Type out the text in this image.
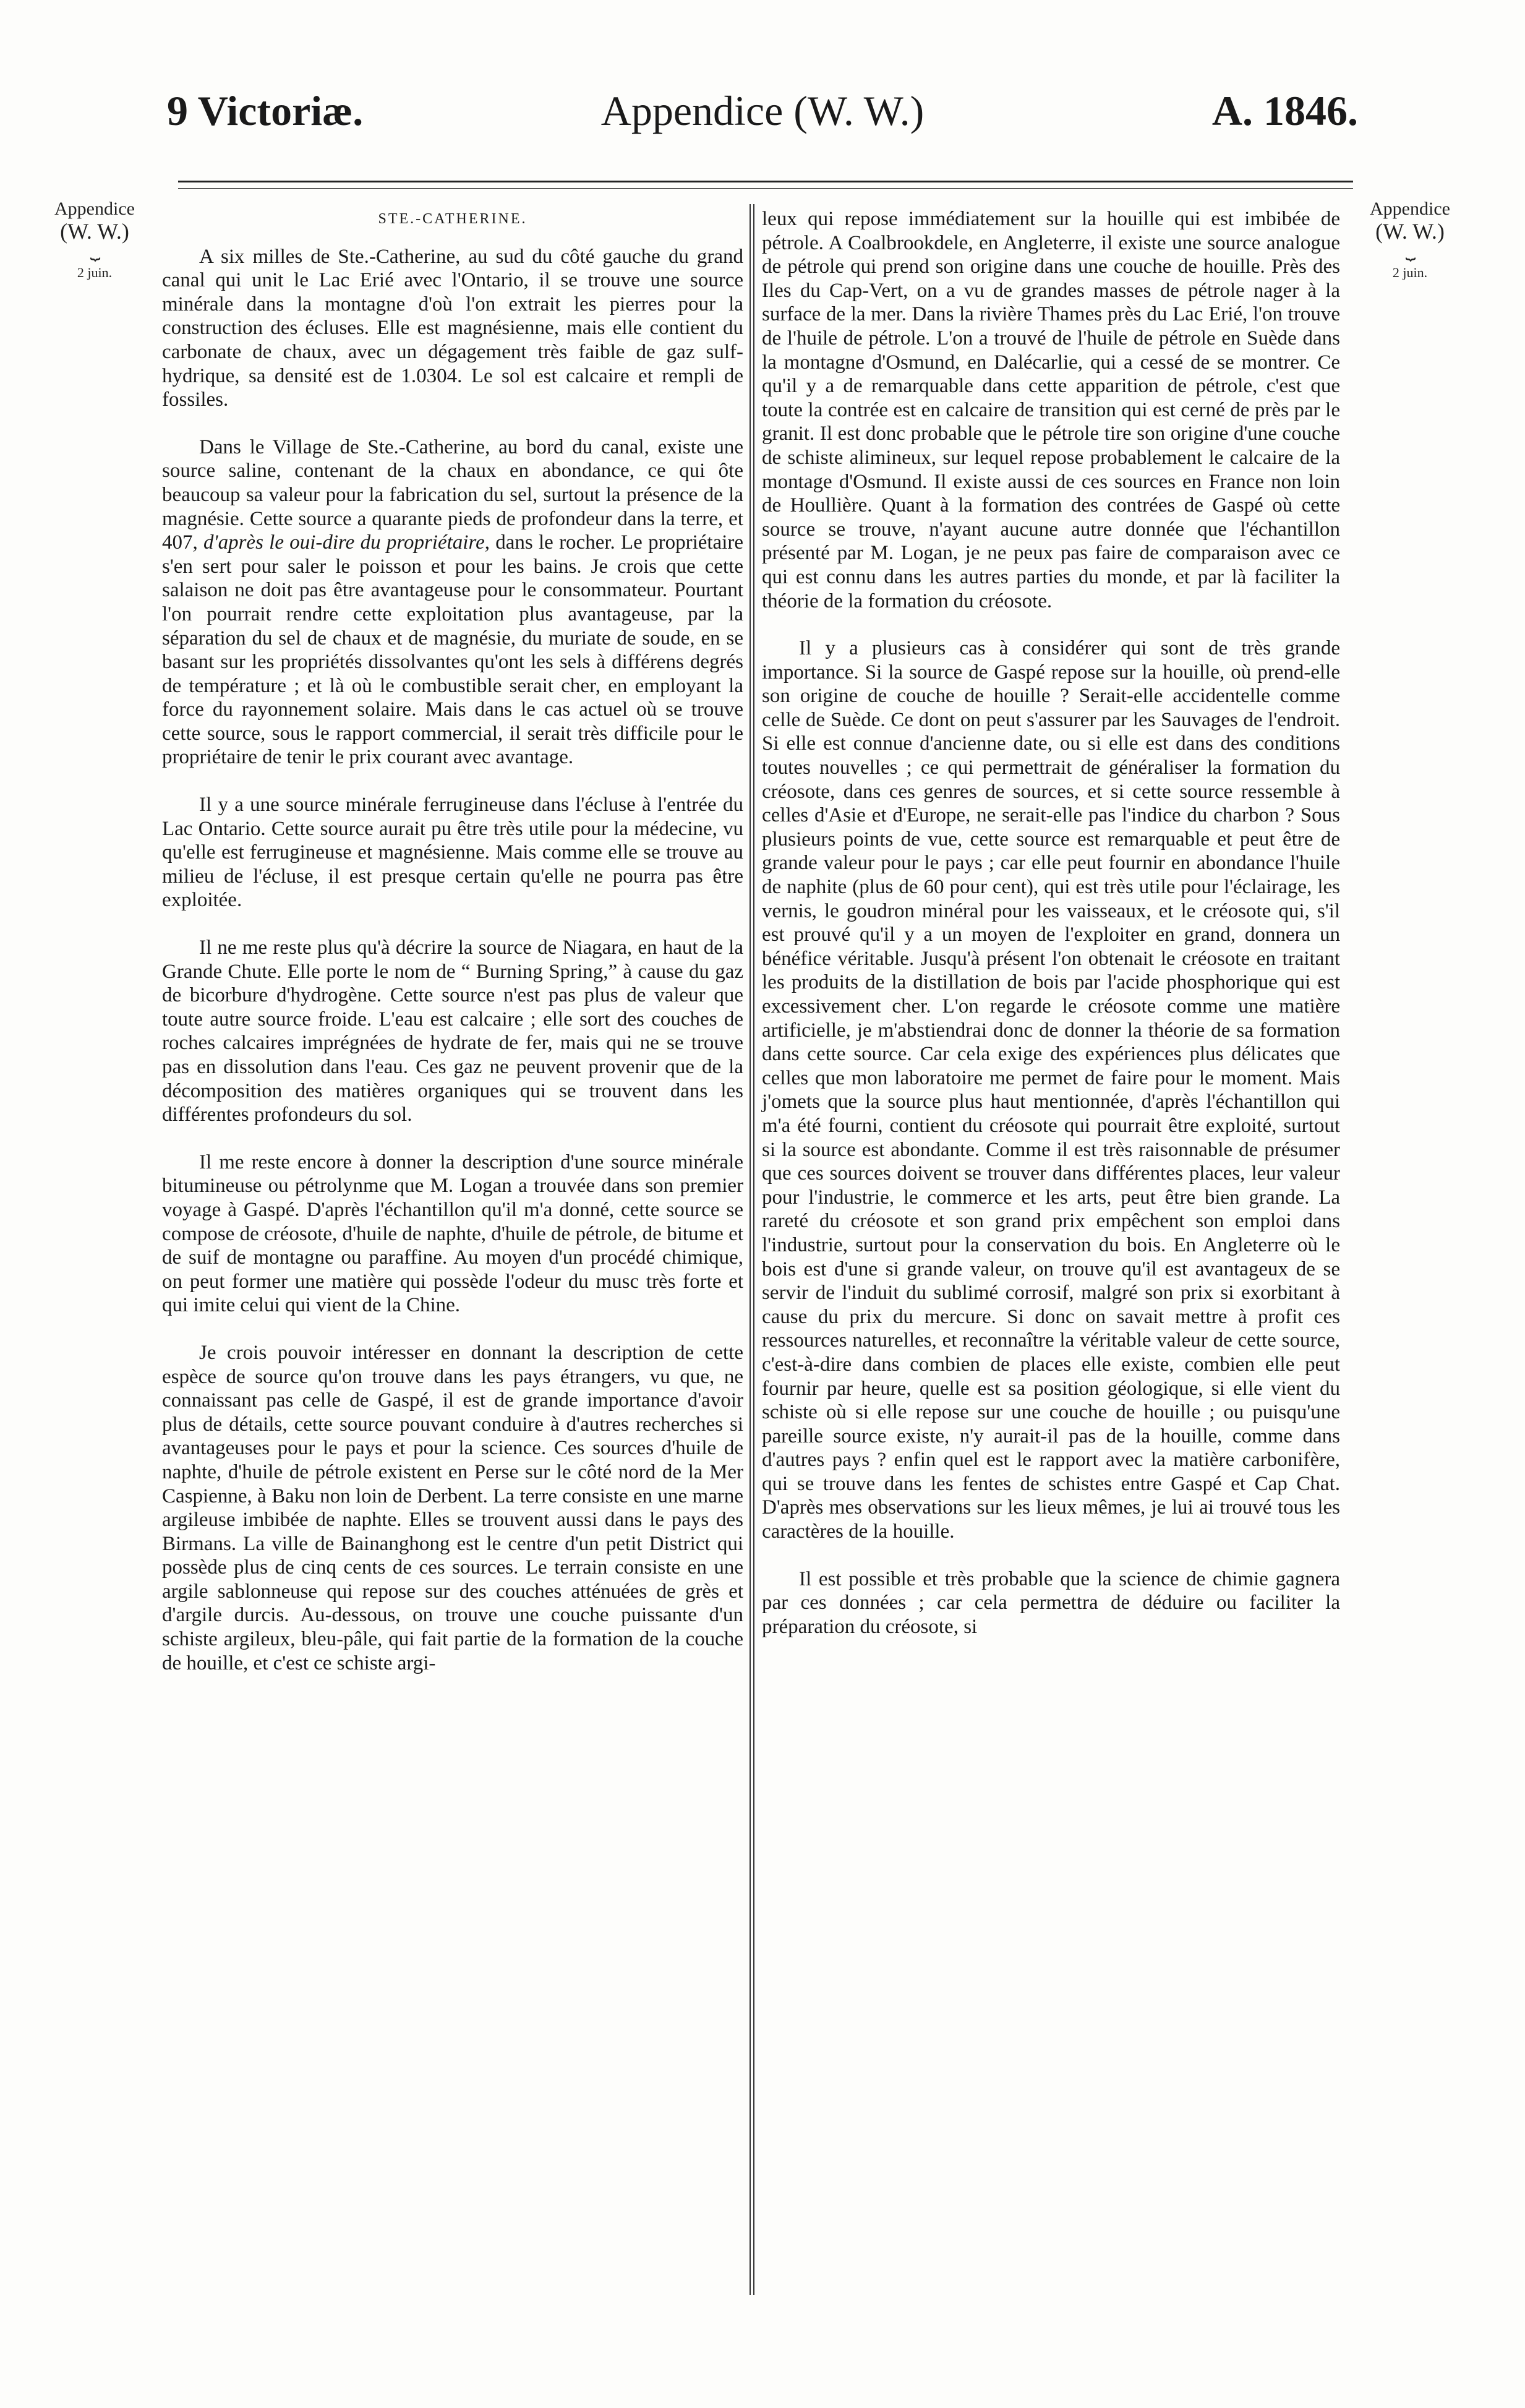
9 Victoriæ.	Appendice (W. W.)	A. 1846.
Appendice
(W. W.)
⏟
2 juin.
Appendice
(W. W.)
⏟
2 juin.
STE.-CATHERINE.

A six milles de Ste.-Catherine, au sud du côté gauche du grand canal qui unit le Lac Erié avec l'Ontario, il se trouve une source minérale dans la montagne d'où l'on extrait les pierres pour la construction des écluses. Elle est magnésienne, mais elle contient du carbonate de chaux, avec un dégagement très faible de gaz sulf-hydrique, sa densité est de 1.0304. Le sol est calcaire et rempli de fossiles.

Dans le Village de Ste.-Catherine, au bord du canal, existe une source saline, contenant de la chaux en abondance, ce qui ôte beaucoup sa valeur pour la fabrication du sel, surtout la présence de la magnésie. Cette source a quarante pieds de profondeur dans la terre, et 407, d'après le oui-dire du propriétaire, dans le rocher. Le propriétaire s'en sert pour saler le poisson et pour les bains. Je crois que cette salaison ne doit pas être avantageuse pour le consommateur. Pourtant l'on pourrait rendre cette exploitation plus avantageuse, par la séparation du sel de chaux et de magnésie, du muriate de soude, en se basant sur les propriétés dissolvantes qu'ont les sels à différens degrés de température ; et là où le combustible serait cher, en employant la force du rayonnement solaire. Mais dans le cas actuel où se trouve cette source, sous le rapport commercial, il serait très difficile pour le propriétaire de tenir le prix courant avec avantage.

Il y a une source minérale ferrugineuse dans l'écluse à l'entrée du Lac Ontario. Cette source aurait pu être très utile pour la médecine, vu qu'elle est ferrugineuse et magnésienne. Mais comme elle se trouve au milieu de l'écluse, il est presque certain qu'elle ne pourra pas être exploitée.

Il ne me reste plus qu'à décrire la source de Niagara, en haut de la Grande Chute. Elle porte le nom de “ Burning Spring,” à cause du gaz de bicorbure d'hydrogène. Cette source n'est pas plus de valeur que toute autre source froide. L'eau est calcaire ; elle sort des couches de roches calcaires imprégnées de hydrate de fer, mais qui ne se trouve pas en dissolution dans l'eau. Ces gaz ne peuvent provenir que de la décomposition des matières organiques qui se trouvent dans les différentes profondeurs du sol.

Il me reste encore à donner la description d'une source minérale bitumineuse ou pétrolynme que M. Logan a trouvée dans son premier voyage à Gaspé. D'après l'échantillon qu'il m'a donné, cette source se compose de créosote, d'huile de naphte, d'huile de pétrole, de bitume et de suif de montagne ou paraffine. Au moyen d'un procédé chimique, on peut former une matière qui possède l'odeur du musc très forte et qui imite celui qui vient de la Chine.

Je crois pouvoir intéresser en donnant la description de cette espèce de source qu'on trouve dans les pays étrangers, vu que, ne connaissant pas celle de Gaspé, il est de grande importance d'avoir plus de détails, cette source pouvant conduire à d'autres recherches si avantageuses pour le pays et pour la science. Ces sources d'huile de naphte, d'huile de pétrole existent en Perse sur le côté nord de la Mer Caspienne, à Baku non loin de Derbent. La terre consiste en une marne argileuse imbibée de naphte. Elles se trouvent aussi dans le pays des Birmans. La ville de Bainanghong est le centre d'un petit District qui possède plus de cinq cents de ces sources. Le terrain consiste en une argile sablonneuse qui repose sur des couches atténuées de grès et d'argile durcis. Au-dessous, on trouve une couche puissante d'un schiste argileux, bleu-pâle, qui fait partie de la formation de la couche de houille, et c'est ce schiste argi-

leux qui repose immédiatement sur la houille qui est imbibée de pétrole. A Coalbrookdele, en Angleterre, il existe une source analogue de pétrole qui prend son origine dans une couche de houille. Près des Iles du Cap-Vert, on a vu de grandes masses de pétrole nager à la surface de la mer. Dans la rivière Thames près du Lac Erié, l'on trouve de l'huile de pétrole. L'on a trouvé de l'huile de pétrole en Suède dans la montagne d'Osmund, en Dalécarlie, qui a cessé de se montrer. Ce qu'il y a de remarquable dans cette apparition de pétrole, c'est que toute la contrée est en calcaire de transition qui est cerné de près par le granit. Il est donc probable que le pétrole tire son origine d'une couche de schiste alimineux, sur lequel repose probablement le calcaire de la montage d'Osmund. Il existe aussi de ces sources en France non loin de Houllière. Quant à la formation des contrées de Gaspé où cette source se trouve, n'ayant aucune autre donnée que l'échantillon présenté par M. Logan, je ne peux pas faire de comparaison avec ce qui est connu dans les autres parties du monde, et par là faciliter la théorie de la formation du créosote.

Il y a plusieurs cas à considérer qui sont de très grande importance. Si la source de Gaspé repose sur la houille, où prend-elle son origine de couche de houille ? Serait-elle accidentelle comme celle de Suède. Ce dont on peut s'assurer par les Sauvages de l'endroit. Si elle est connue d'ancienne date, ou si elle est dans des conditions toutes nouvelles ; ce qui permettrait de généraliser la formation du créosote, dans ces genres de sources, et si cette source ressemble à celles d'Asie et d'Europe, ne serait-elle pas l'indice du charbon ? Sous plusieurs points de vue, cette source est remarquable et peut être de grande valeur pour le pays ; car elle peut fournir en abondance l'huile de naphite (plus de 60 pour cent), qui est très utile pour l'éclairage, les vernis, le goudron minéral pour les vaisseaux, et le créosote qui, s'il est prouvé qu'il y a un moyen de l'exploiter en grand, donnera un bénéfice véritable. Jusqu'à présent l'on obtenait le créosote en traitant les produits de la distillation de bois par l'acide phosphorique qui est excessivement cher. L'on regarde le créosote comme une matière artificielle, je m'abstiendrai donc de donner la théorie de sa formation dans cette source. Car cela exige des expériences plus délicates que celles que mon laboratoire me permet de faire pour le moment. Mais j'omets que la source plus haut mentionnée, d'après l'échantillon qui m'a été fourni, contient du créosote qui pourrait être exploité, surtout si la source est abondante. Comme il est très raisonnable de présumer que ces sources doivent se trouver dans différentes places, leur valeur pour l'industrie, le commerce et les arts, peut être bien grande. La rareté du créosote et son grand prix empêchent son emploi dans l'industrie, surtout pour la conservation du bois. En Angleterre où le bois est d'une si grande valeur, on trouve qu'il est avantageux de se servir de l'induit du sublimé corrosif, malgré son prix si exorbitant à cause du prix du mercure. Si donc on savait mettre à profit ces ressources naturelles, et reconnaître la véritable valeur de cette source, c'est-à-dire dans combien de places elle existe, combien elle peut fournir par heure, quelle est sa position géologique, si elle vient du schiste où si elle repose sur une couche de houille ; ou puisqu'une pareille source existe, n'y aurait-il pas de la houille, comme dans d'autres pays ? enfin quel est le rapport avec la matière carbonifère, qui se trouve dans les fentes de schistes entre Gaspé et Cap Chat. D'après mes observations sur les lieux mêmes, je lui ai trouvé tous les caractères de la houille.

Il est possible et très probable que la science de chimie gagnera par ces données ; car cela permettra de déduire ou faciliter la préparation du créosote, si
